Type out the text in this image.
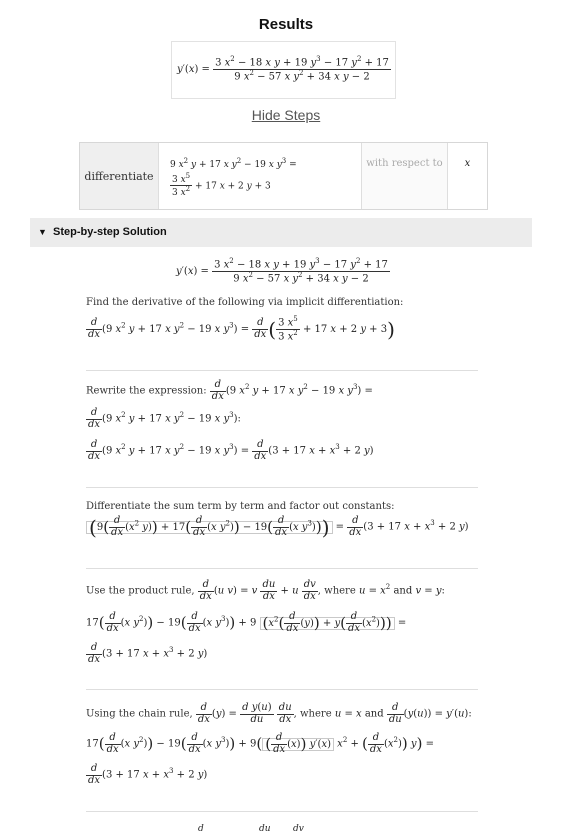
Results
$y'(x) = \frac{3 x^2 - 18 x y + 19 y^3 - 17 y^2 + 17}{9 x^2 - 57 x y^2 + 34 x y - 2}$
Hide Steps
differentiate
9 $x^2$ y + 17 x $y^2 - 19$ x $y^3$ =
$\frac{3 x^5}{3 x^2} + 17$ x + 2 y + 3
with respect to x
▼ Step-by-step Solution
$y'(x) = \frac{3 x^2 - 18 x y + 19 y^3 - 17 y^2 + 17}{9 x^2 - 57 x y^2 + 34 x y - 2}$
Find the derivative of the following via implicit differentiation:
$\frac{d}{dx} (9$ $x^2$ y + 17 x $y^2 - 19$ x $y^3) = \frac{d}{dx}$ ( $\frac{3 x^5}{3 x^2} + 17$ x + 2 y + 3)
Rewrite the expression: $\frac{d}{dx} (9$ $x^2$ y + 17 x $y^2 - 19$ x $y^3$) =
$\frac{d}{dx} (9$ $x^2$ y + 17 x $y^2 - 19$ x $y^3$):
$\frac{d}{dx} (9$ $x^2$ y + 17 x $y^2 - 19$ x $y^3) = \frac{d}{dx} (3 + 17$ $x + x^3 + 2$ y)
Differentiate the sum term by term and factor out constants:
($9( \frac{d}{dx} (x^2$ $y)) + 17( \frac{d}{dx} (x$ $y^2)) - 19( \frac{d}{dx} (x$ $y^3))) = \frac{d}{dx} (3 + 17$ $x + x^3 + 2$ y)
Use the product rule, $\frac{d}{dx} (u$ v) = v $\frac{du}{dx} + u \frac{dv}{dx}$ , where $u = x^2$ and v = y:
$17( \frac{d}{dx} (x$ $y^2)) - 19( \frac{d}{dx} (x$ $y^3)) + 9$ $(x^2( \frac{d}{dx} (y)) + y( \frac{d}{dx} (x^2)))$ =
$\frac{d}{dx} (3 + 17$ $x + x^3 + 2$ y)
Using the chain rule, $\frac{d}{dx} (y) = \frac{\text{d y(u)}}{du}$
$\frac{du}{dx}$ , where u = x and $\frac{d}{du} (y(u)) = y'(u)$:
$17( \frac{d}{dx} (x$ $y^2)) - 19( \frac{d}{dx} (x$ $y^3)) + 9$( ( $\frac{d}{dx} (x)$) y′(x) $x^2$ + ( $\frac{d}{dx} (x^2)$) y) =
$\frac{d}{dx} (3 + 17$ $x + x^3 + 2$ y)
d	du dv
